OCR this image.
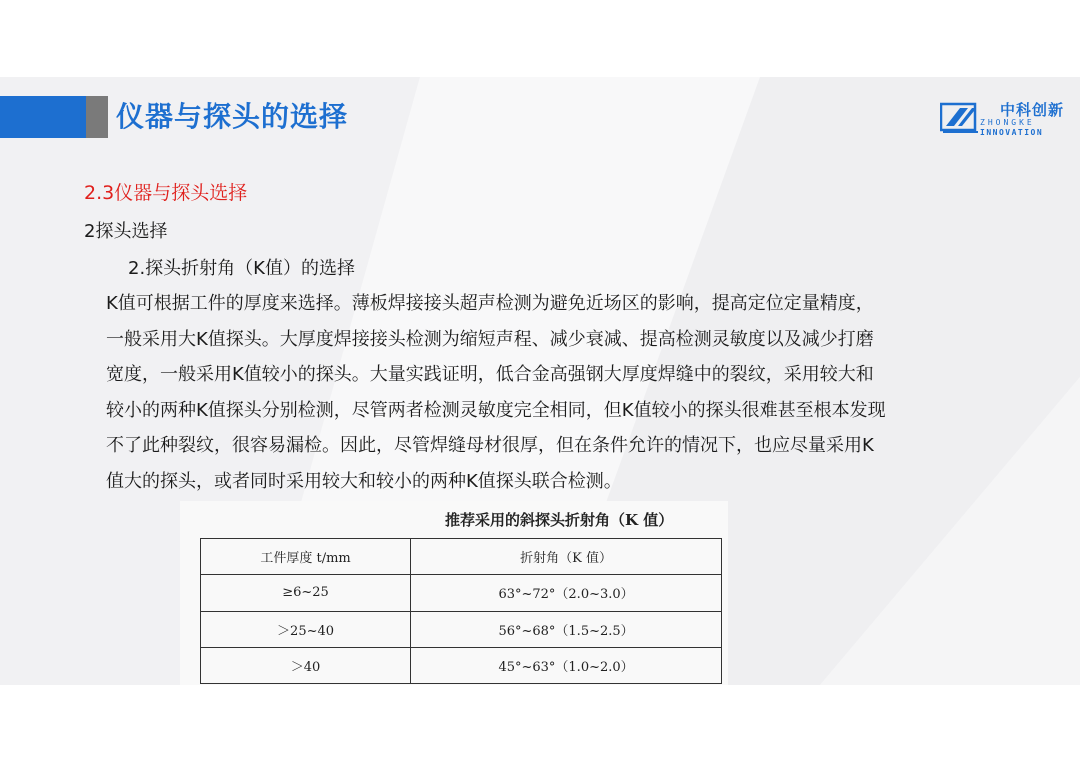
仪器与探头的选择	中科创新
ZHONGKE
INNOVATION
2.3仪器与探头选择
2探头选择
2.探头折射角（K值）的选择
K值可根据工件的厚度来选择。薄板焊接接头超声检测为避免近场区的影响，提高定位定量精度，
一般采用大K值探头。大厚度焊接接头检测为缩短声程、减少衰减、提高检测灵敏度以及减少打磨
宽度，一般采用K值较小的探头。大量实践证明，低合金高强钢大厚度焊缝中的裂纹，采用较大和
较小的两种K值探头分别检测，尽管两者检测灵敏度完全相同，但K值较小的探头很难甚至根本发现
不了此种裂纹，很容易漏检。因此，尽管焊缝母材很厚，但在条件允许的情况下，也应尽量采用K
值大的探头，或者同时采用较大和较小的两种K值探头联合检测。
推荐采用的斜探头折射角（K 值）
工件厚度 t/mm	折射角（K 值）
≥6~25	63°~72°（2.0~3.0）
＞25~40	56°~68°（1.5~2.5）
＞40	45°~63°（1.0~2.0）
